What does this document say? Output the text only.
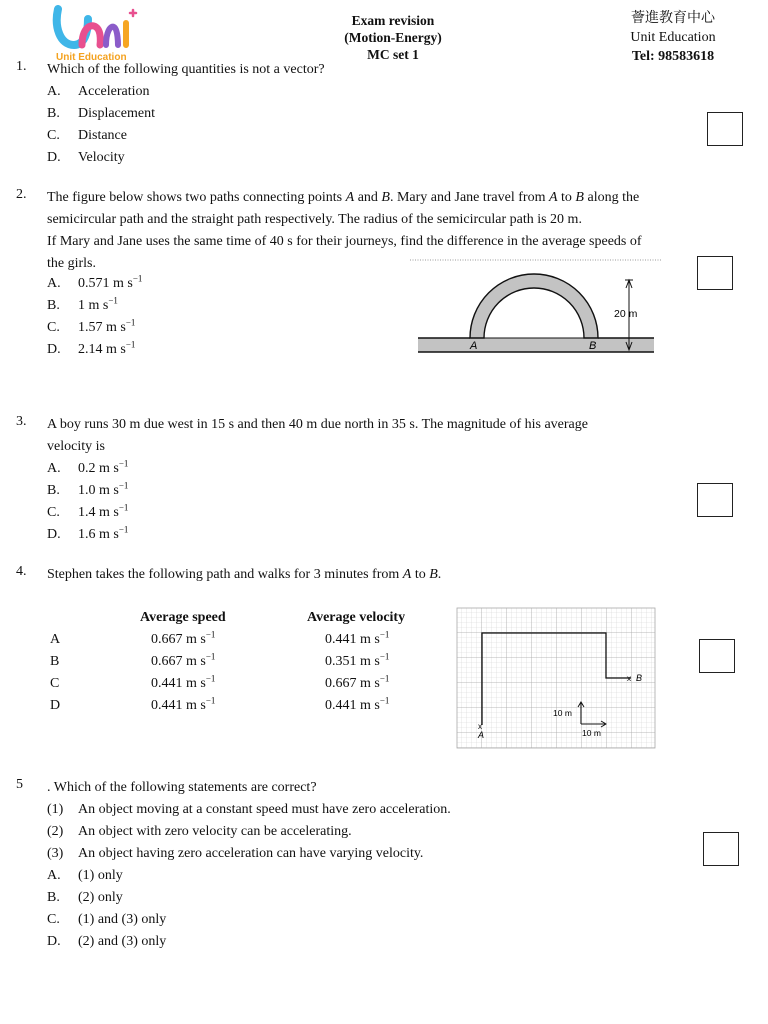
Unit Education
Exam revision
(Motion-Energy)
MC set 1
薈進教育中心
Unit Education
Tel: 98583618
1. Which of the following quantities is not a vector?
A. Acceleration
B. Displacement
C. Distance
D. Velocity
2. The figure below shows two paths connecting points A and B. Mary and Jane travel from A to B along the
semicircular path and the straight path respectively. The radius of the semicircular path is 20 m.
If Mary and Jane uses the same time of 40 s for their journeys, find the difference in the average speeds of
the girls.
A. 0.571 m $s^{-1}$
B. 1 m $s^{-1}$
C. 1.57 m $s^{-1}$
D. 2.14 m $s^{-1}$	A	B
20 m
3. A boy runs 30 m due west in 15 s and then 40 m due north in 35 s. The magnitude of his average
velocity is
A. 0.2 m $s^{-1}$
B. 1.0 m $s^{-1}$
C. 1.4 m $s^{-1}$
D. 1.6 m $s^{-1}$
4. Stephen takes the following path and walks for 3 minutes from A to B.
Average speed	Average velocity
A	0.667 m $s^{-1}$	0.441 m $s^{-1}$
B	0.667 m $s^{-1}$	0.351 m $s^{-1}$
C	0.441 m $s^{-1}$	0.667 m $s^{-1}$
D	0.441 m $s^{-1}$	0.441 m $s^{-1}$
x
x
A
B
10 m
10 m
5 . Which of the following statements are correct?
(1) An object moving at a constant speed must have zero acceleration.
(2) An object with zero velocity can be accelerating.
(3) An object having zero acceleration can have varying velocity.
A. (1) only
B. (2) only
C. (1) and (3) only
D. (2) and (3) only
